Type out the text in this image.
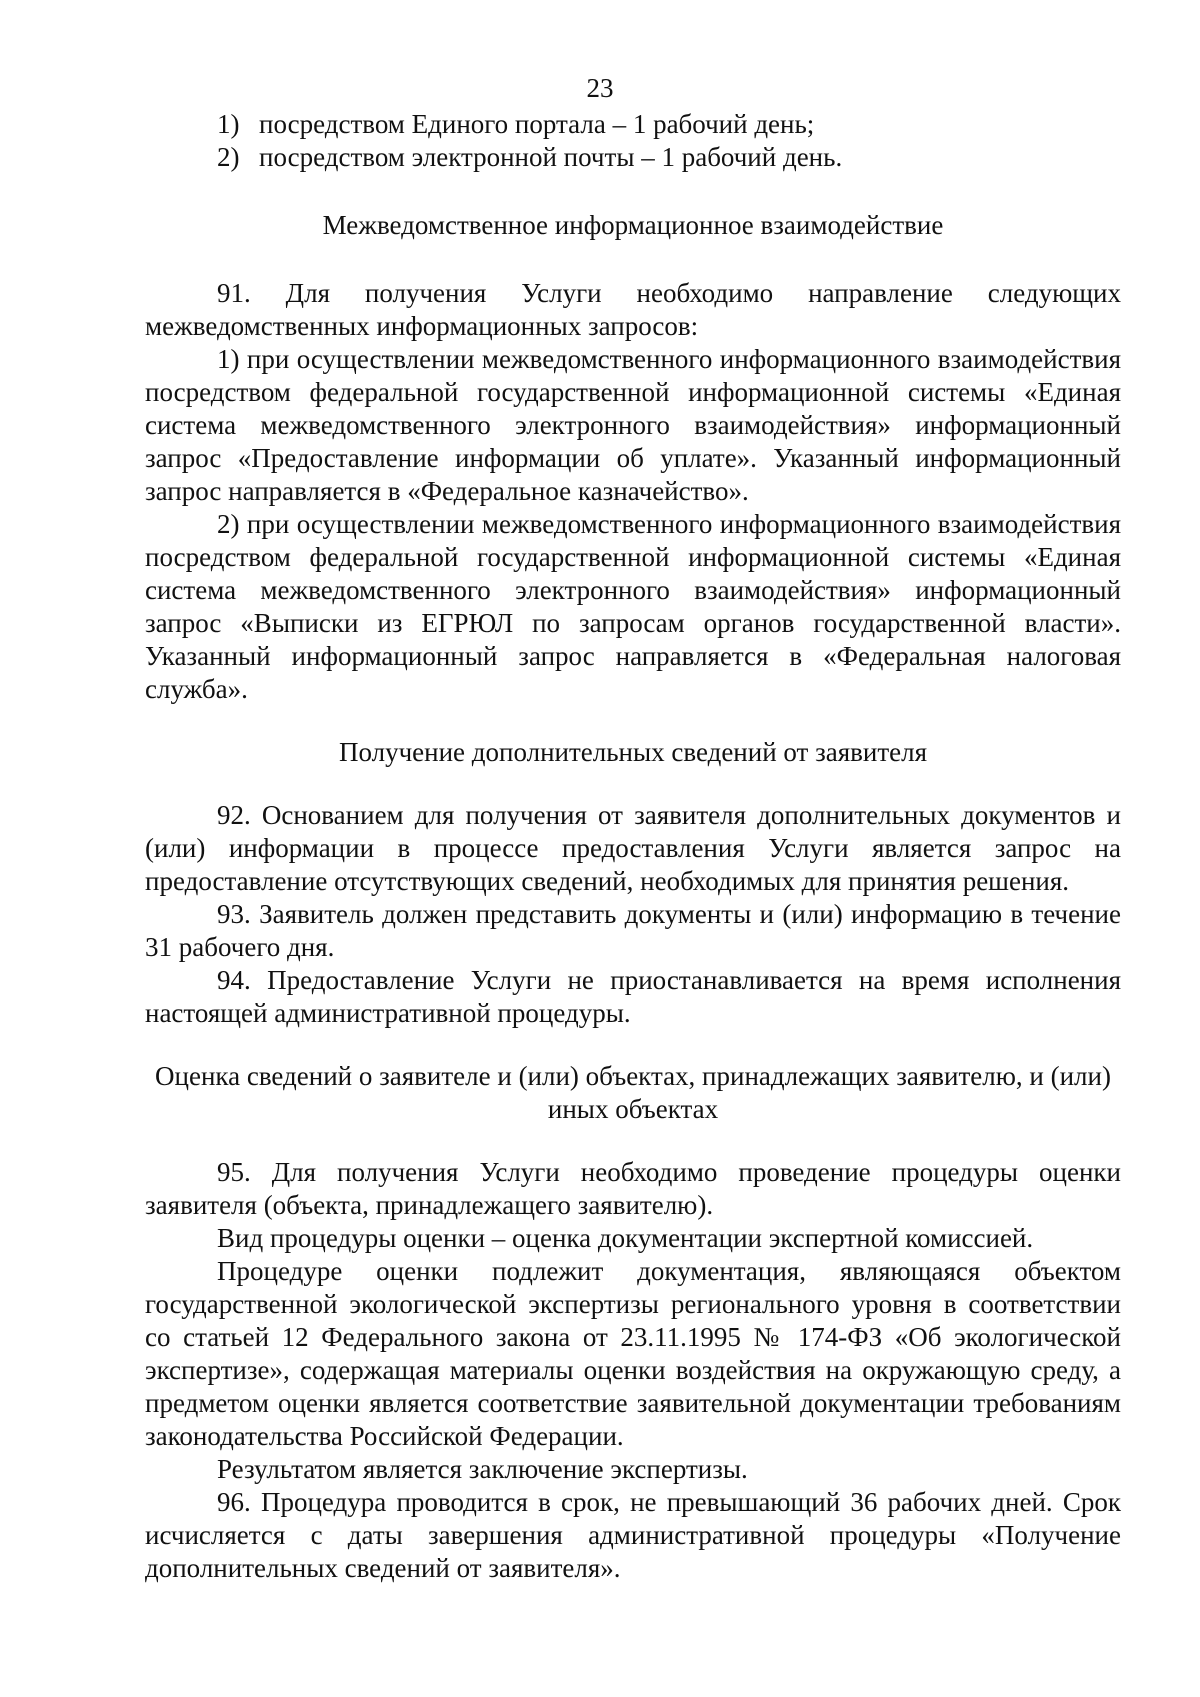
23
1) посредством Единого портала – 1 рабочий день;
2) посредством электронной почты – 1 рабочий день.
Межведомственное информационное взаимодействие
91. Для получения Услуги необходимо направление следующих межведомственных информационных запросов:
1) при осуществлении межведомственного информационного взаимодействия посредством федеральной государственной информационной системы «Единая система межведомственного электронного взаимодействия» информационный запрос «Предоставление информации об уплате». Указанный информационный запрос направляется в «Федеральное казначейство».
2) при осуществлении межведомственного информационного взаимодействия посредством федеральной государственной информационной системы «Единая система межведомственного электронного взаимодействия» информационный запрос «Выписки из ЕГРЮЛ по запросам органов государственной власти». Указанный информационный запрос направляется в «Федеральная налоговая служба».
Получение дополнительных сведений от заявителя
92. Основанием для получения от заявителя дополнительных документов и (или) информации в процессе предоставления Услуги является запрос на предоставление отсутствующих сведений, необходимых для принятия решения.
93. Заявитель должен представить документы и (или) информацию в течение 31 рабочего дня.
94. Предоставление Услуги не приостанавливается на время исполнения настоящей административной процедуры.
Оценка сведений о заявителе и (или) объектах, принадлежащих заявителю, и (или) иных объектах
95. Для получения Услуги необходимо проведение процедуры оценки заявителя (объекта, принадлежащего заявителю).
Вид процедуры оценки – оценка документации экспертной комиссией.
Процедуре оценки подлежит документация, являющаяся объектом государственной экологической экспертизы регионального уровня в соответствии со статьей 12 Федерального закона от 23.11.1995 № 174-ФЗ «Об экологической экспертизе», содержащая материалы оценки воздействия на окружающую среду, а предметом оценки является соответствие заявительной документации требованиям законодательства Российской Федерации.
Результатом является заключение экспертизы.
96. Процедура проводится в срок, не превышающий 36 рабочих дней. Срок исчисляется с даты завершения административной процедуры «Получение дополнительных сведений от заявителя».
